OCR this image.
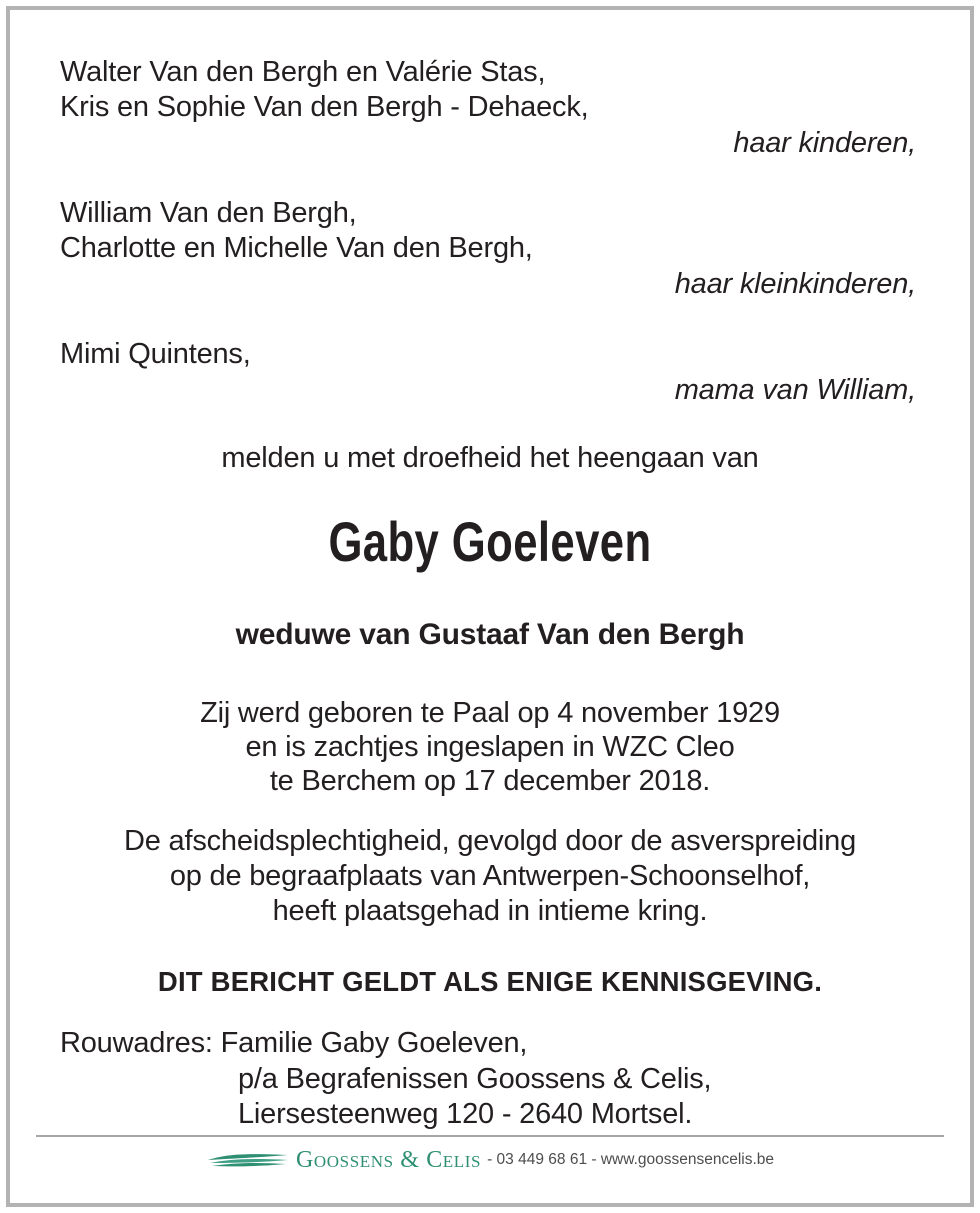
Walter Van den Bergh en Valérie Stas,

Kris en Sophie Van den Bergh - Dehaeck,

haar kinderen,

William Van den Bergh,

Charlotte en Michelle Van den Bergh,

haar kleinkinderen,

Mimi Quintens,

mama van William,

melden u met droefheid het heengaan van

Gaby Goeleven

weduwe van Gustaaf Van den Bergh

Zij werd geboren te Paal op 4 november 1929

en is zachtjes ingeslapen in WZC Cleo

te Berchem op 17 december 2018.

De afscheidsplechtigheid, gevolgd door de asverspreiding

op de begraafplaats van Antwerpen-Schoonselhof,

heeft plaatsgehad in intieme kring.

DIT BERICHT GELDT ALS ENIGE KENNISGEVING.

Rouwadres: Familie Gaby Goeleven,

p/a Begrafenissen Goossens & Celis,

Liersesteenweg 120 - 2640 Mortsel.

Goossens & Celis - 03 449 68 61 - www.goossensencelis.be
